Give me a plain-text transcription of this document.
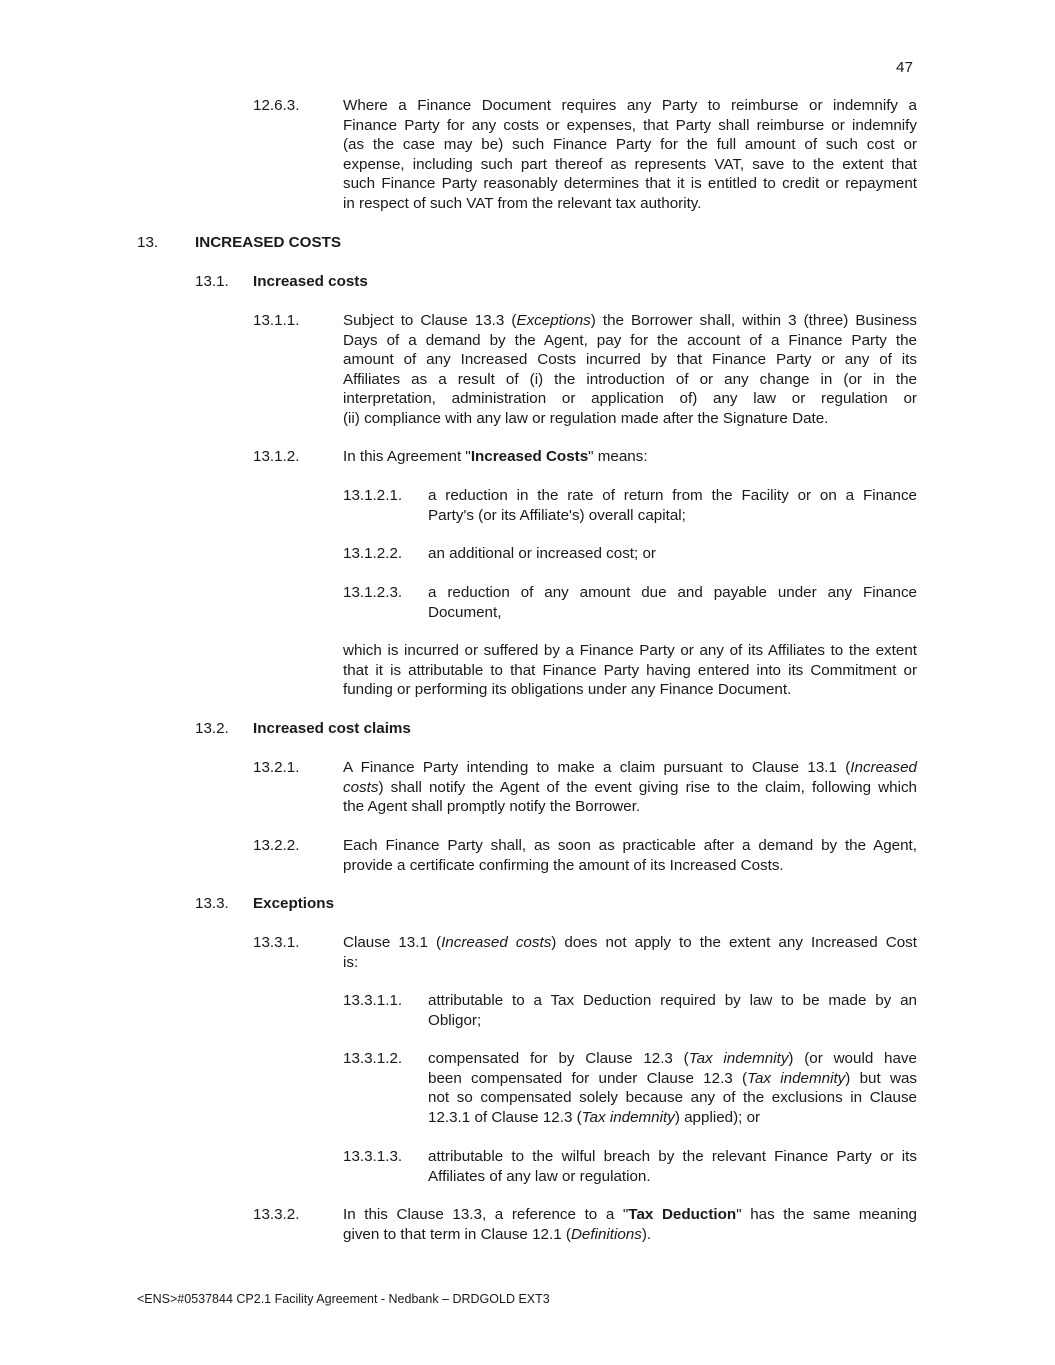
47
12.6.3.	Where a Finance Document requires any Party to reimburse or indemnify a
Finance Party for any costs or expenses, that Party shall reimburse or indemnify
(as the case may be) such Finance Party for the full amount of such cost or
expense, including such part thereof as represents VAT, save to the extent that
such Finance Party reasonably determines that it is entitled to credit or repayment
in respect of such VAT from the relevant tax authority.
13. INCREASED COSTS
13.1. Increased costs
13.1.1.	Subject to Clause 13.3 (Exceptions) the Borrower shall, within 3 (three) Business
Days of a demand by the Agent, pay for the account of a Finance Party the
amount of any Increased Costs incurred by that Finance Party or any of its
Affiliates as a result of (i) the introduction of or any change in (or in the
interpretation, administration or application of) any law or regulation or
(ii) compliance with any law or regulation made after the Signature Date.
13.1.2.	In this Agreement "Increased Costs" means:
13.1.2.1. a reduction in the rate of return from the Facility or on a Finance
Party's (or its Affiliate's) overall capital;
13.1.2.2. an additional or increased cost; or
13.1.2.3. a reduction of any amount due and payable under any Finance
Document,
which is incurred or suffered by a Finance Party or any of its Affiliates to the extent
that it is attributable to that Finance Party having entered into its Commitment or
funding or performing its obligations under any Finance Document.
13.2. Increased cost claims
13.2.1.	A Finance Party intending to make a claim pursuant to Clause 13.1 (Increased
costs) shall notify the Agent of the event giving rise to the claim, following which
the Agent shall promptly notify the Borrower.
13.2.2.	Each Finance Party shall, as soon as practicable after a demand by the Agent,
provide a certificate confirming the amount of its Increased Costs.
13.3. Exceptions
13.3.1.	Clause 13.1 (Increased costs) does not apply to the extent any Increased Cost
is:
13.3.1.1. attributable to a Tax Deduction required by law to be made by an
Obligor;
13.3.1.2. compensated for by Clause 12.3 (Tax indemnity) (or would have
been compensated for under Clause 12.3 (Tax indemnity) but was
not so compensated solely because any of the exclusions in Clause
12.3.1 of Clause 12.3 (Tax indemnity) applied); or
13.3.1.3. attributable to the wilful breach by the relevant Finance Party or its
Affiliates of any law or regulation.
13.3.2.	In this Clause 13.3, a reference to a "Tax Deduction" has the same meaning
given to that term in Clause 12.1 (Definitions).
<ENS>#0537844 CP2.1 Facility Agreement - Nedbank – DRDGOLD EXT3
